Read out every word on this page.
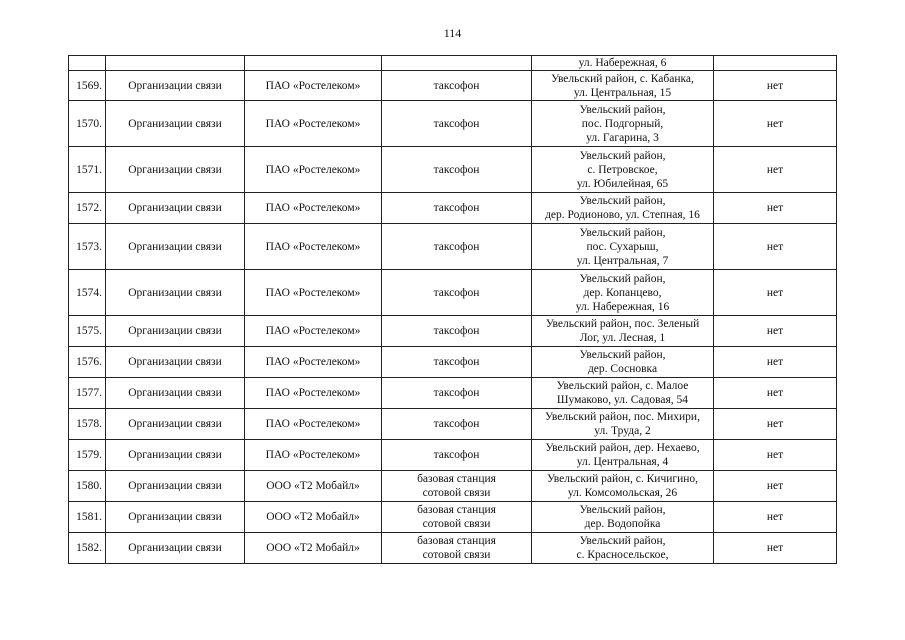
114

				ул. Набережная, 6	

1569.	Организации связи	ПАО «Ростелеком»	таксофон	Увельский район, с. Кабанка,
ул. Центральная, 15	нет
1570.	Организации связи	ПАО «Ростелеком»	таксофон	Увельский район,
пос. Подгорный,
ул. Гагарина, 3	нет
1571.	Организации связи	ПАО «Ростелеком»	таксофон	Увельский район,
с. Петровское,
ул. Юбилейная, 65	нет
1572.	Организации связи	ПАО «Ростелеком»	таксофон	Увельский район,
дер. Родионово, ул. Степная, 16	нет
1573.	Организации связи	ПАО «Ростелеком»	таксофон	Увельский район,
пос. Сухарыш,
ул. Центральная, 7	нет
1574.	Организации связи	ПАО «Ростелеком»	таксофон	Увельский район,
дер. Копанцево,
ул. Набережная, 16	нет
1575.	Организации связи	ПАО «Ростелеком»	таксофон	Увельский район, пос. Зеленый
Лог, ул. Лесная, 1	нет
1576.	Организации связи	ПАО «Ростелеком»	таксофон	Увельский район,
дер. Сосновка	нет
1577.	Организации связи	ПАО «Ростелеком»	таксофон	Увельский район, с. Малое
Шумаково, ул. Садовая, 54	нет
1578.	Организации связи	ПАО «Ростелеком»	таксофон	Увельский район, пос. Михири,
ул. Труда, 2	нет
1579.	Организации связи	ПАО «Ростелеком»	таксофон	Увельский район, дер. Нехаево,
ул. Центральная, 4	нет
1580.	Организации связи	ООО «Т2 Мобайл»	базовая станция
сотовой связи	Увельский район, с. Кичигино,
ул. Комсомольская, 26	нет
1581.	Организации связи	ООО «Т2 Мобайл»	базовая станция
сотовой связи	Увельский район,
дер. Водопойка	нет
1582.	Организации связи	ООО «Т2 Мобайл»	базовая станция
сотовой связи	Увельский район,
с. Красносельское,	нет
